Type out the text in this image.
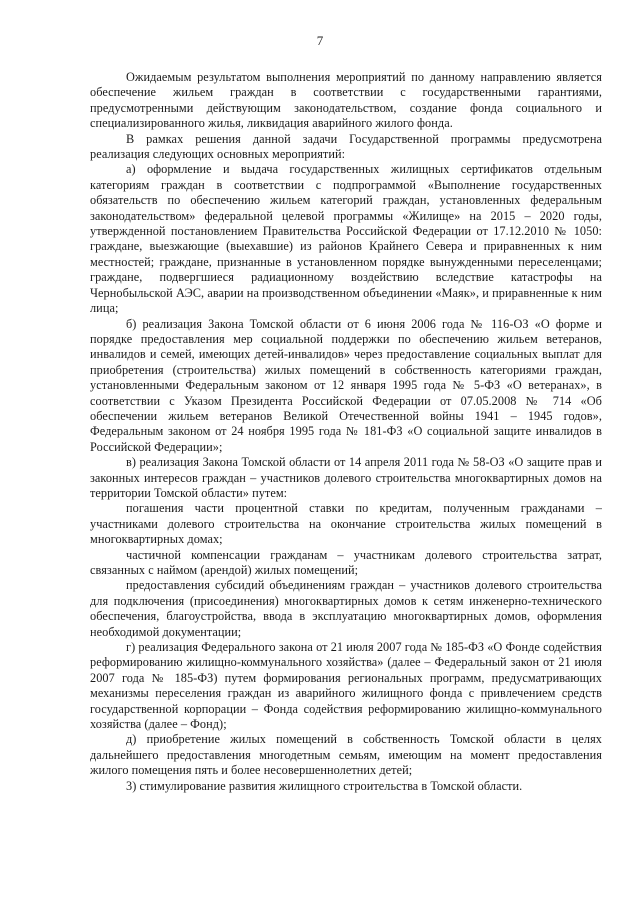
7

Ожидаемым результатом выполнения мероприятий по данному направлению является обеспечение жильем граждан в соответствии с государственными гарантиями, предусмотренными действующим законодательством, создание фонда социального и специализированного жилья, ликвидация аварийного жилого фонда.

В рамках решения данной задачи Государственной программы предусмотрена реализация следующих основных мероприятий:

а) оформление и выдача государственных жилищных сертификатов отдельным категориям граждан в соответствии с подпрограммой «Выполнение государственных обязательств по обеспечению жильем категорий граждан, установленных федеральным законодательством» федеральной целевой программы «Жилище» на 2015 – 2020 годы, утвержденной постановлением Правительства Российской Федерации от 17.12.2010 № 1050: граждане, выезжающие (выехавшие) из районов Крайнего Севера и приравненных к ним местностей; граждане, признанные в установленном порядке вынужденными переселенцами; граждане, подвергшиеся радиационному воздействию вследствие катастрофы на Чернобыльской АЭС, аварии на производственном объединении «Маяк», и приравненные к ним лица;

б) реализация Закона Томской области от 6 июня 2006 года № 116-ОЗ «О форме и порядке предоставления мер социальной поддержки по обеспечению жильем ветеранов, инвалидов и семей, имеющих детей-инвалидов» через предоставление социальных выплат для приобретения (строительства) жилых помещений в собственность категориями граждан, установленными Федеральным законом от 12 января 1995 года № 5-ФЗ «О ветеранах», в соответствии с Указом Президента Российской Федерации от 07.05.2008 № 714 «Об обеспечении жильем ветеранов Великой Отечественной войны 1941 – 1945 годов», Федеральным законом от 24 ноября 1995 года № 181-ФЗ «О социальной защите инвалидов в Российской Федерации»;

в) реализация Закона Томской области от 14 апреля 2011 года № 58-ОЗ «О защите прав и законных интересов граждан – участников долевого строительства многоквартирных домов на территории Томской области» путем:

погашения части процентной ставки по кредитам, полученным гражданами – участниками долевого строительства на окончание строительства жилых помещений в многоквартирных домах;

частичной компенсации гражданам – участникам долевого строительства затрат, связанных с наймом (арендой) жилых помещений;

предоставления субсидий объединениям граждан – участников долевого строительства для подключения (присоединения) многоквартирных домов к сетям инженерно-технического обеспечения, благоустройства, ввода в эксплуатацию многоквартирных домов, оформления необходимой документации;

г) реализация Федерального закона от 21 июля 2007 года № 185-ФЗ «О Фонде содействия реформированию жилищно-коммунального хозяйства» (далее – Федеральный закон от 21 июля 2007 года № 185-ФЗ) путем формирования региональных программ, предусматривающих механизмы переселения граждан из аварийного жилищного фонда с привлечением средств государственной корпорации – Фонда содействия реформированию жилищно-коммунального хозяйства (далее – Фонд);

д) приобретение жилых помещений в собственность Томской области в целях дальнейшего предоставления многодетным семьям, имеющим на момент предоставления жилого помещения пять и более несовершеннолетних детей;

3) стимулирование развития жилищного строительства в Томской области.
